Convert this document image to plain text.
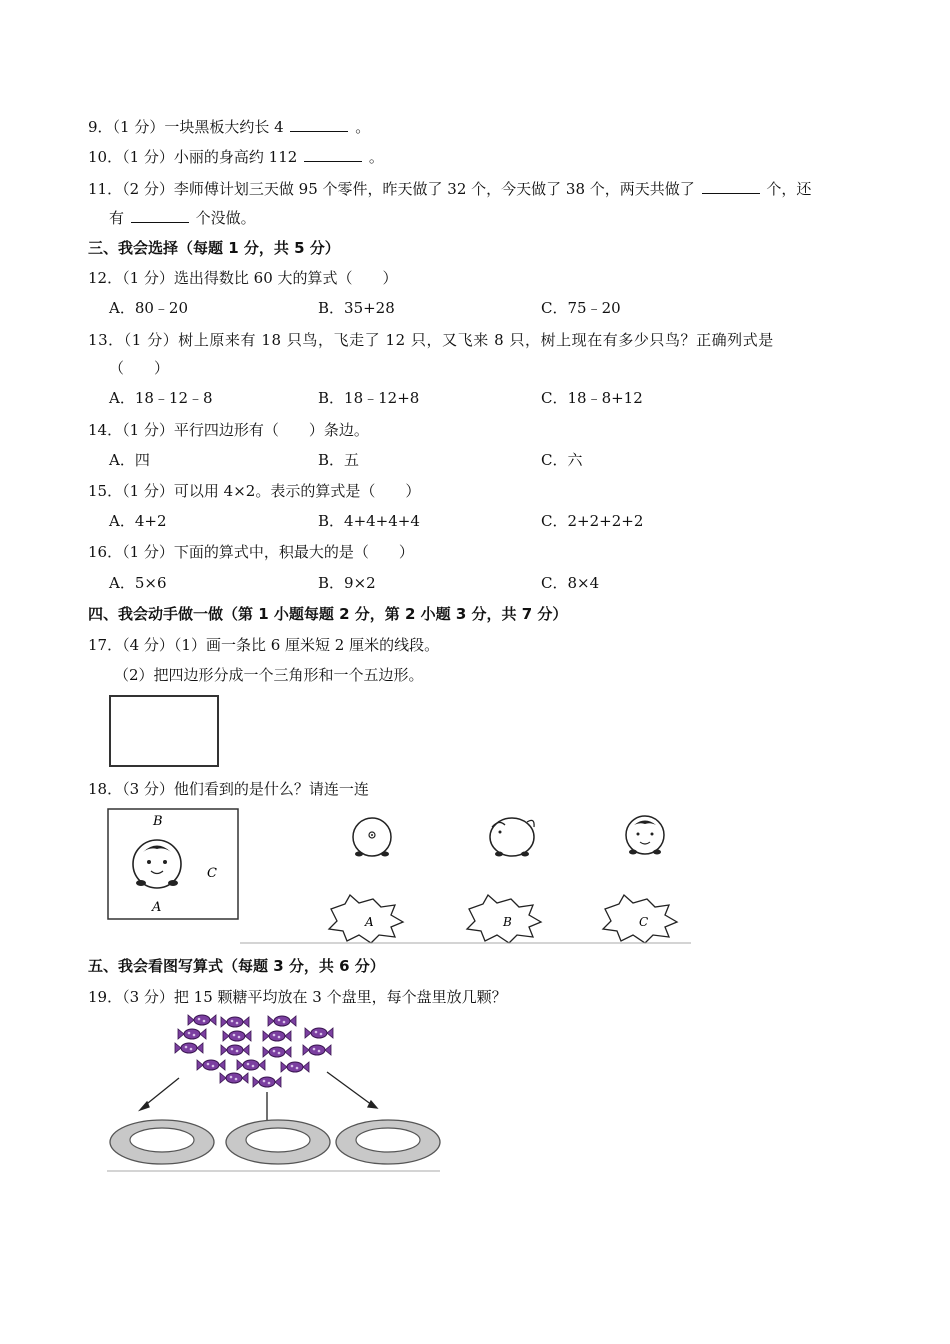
9．（1 分）一块黑板大约长 4	。
10．（1 分）小丽的身高约 112	。
11．（2 分）李师傅计划三天做 95 个零件，昨天做了 32 个，今天做了 38 个，两天共做了	个，还
有	个没做。
三、我会选择（每题 1 分，共 5 分）
12．（1 分）选出得数比 60 大的算式（　　）
A．80﹣20	B．35+28	C．75﹣20
13．（1 分）树上原来有 18 只鸟，飞走了 12 只，又飞来 8 只，树上现在有多少只鸟？正确列式是
（　　）
A．18﹣12﹣8	B．18﹣12+8	C．18﹣8+12
14．（1 分）平行四边形有（　　）条边。
A．四	B．五	C．六
15．（1 分）可以用 4×2。表示的算式是（　　）
A．4+2	B．4+4+4+4	C．2+2+2+2
16．（1 分）下面的算式中，积最大的是（　　）
A．5×6	B．9×2	C．8×4
四、我会动手做一做（第 1 小题每题 2 分，第 2 小题 3 分，共 7 分）
17．（4 分）（1）画一条比 6 厘米短 2 厘米的线段。
（2）把四边形分成一个三角形和一个五边形。
18．（3 分）他们看到的是什么？请连一连
B
A
C
A	B	C
五、我会看图写算式（每题 3 分，共 6 分）
19．（3 分）把 15 颗糖平均放在 3 个盘里，每个盘里放几颗？
